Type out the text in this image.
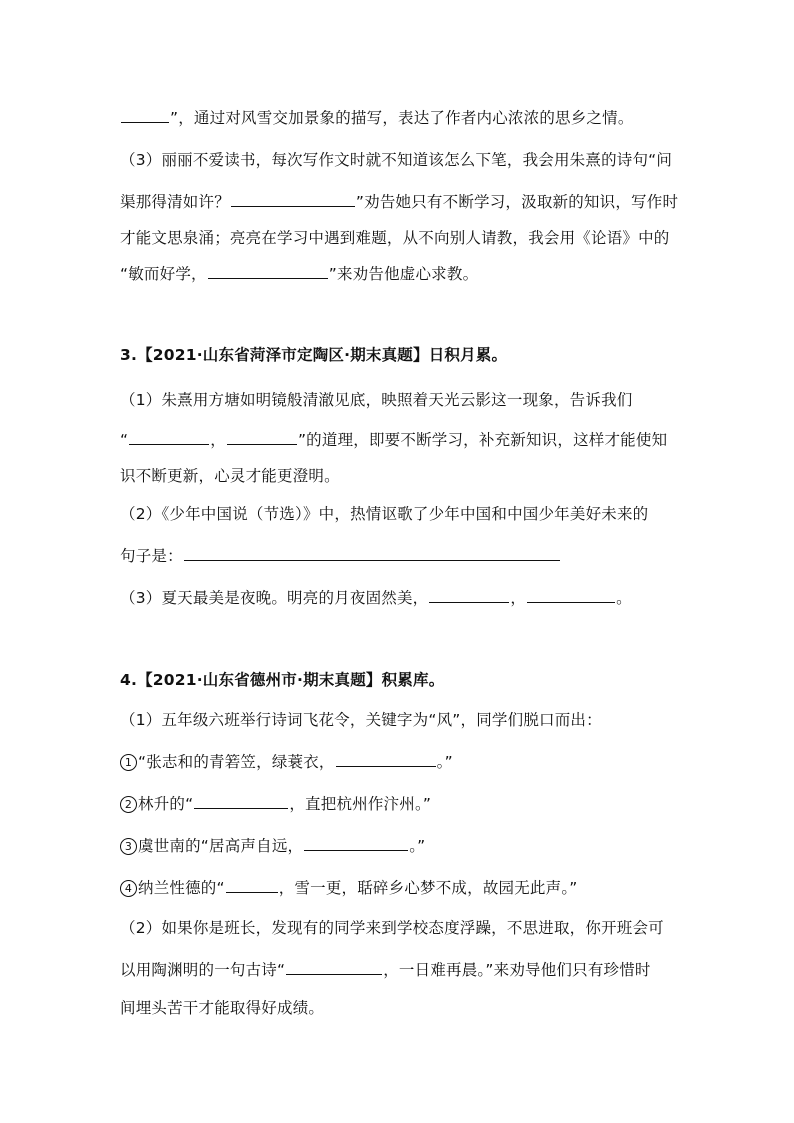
”，通过对风雪交加景象的描写，表达了作者内心浓浓的思乡之情。
（3）丽丽不爱读书，每次写作文时就不知道该怎么下笔，我会用朱熹的诗句“问
渠那得清如许？	”劝告她只有不断学习，汲取新的知识，写作时
才能文思泉涌；亮亮在学习中遇到难题，从不向别人请教，我会用《论语》中的
“敏而好学，	”来劝告他虚心求教。
3.【2021·山东省菏泽市定陶区·期末真题】日积月累。
（1）朱熹用方塘如明镜般清澈见底，映照着天光云影这一现象，告诉我们
“	，	”的道理，即要不断学习，补充新知识，这样才能使知
识不断更新，心灵才能更澄明。
（2）《少年中国说（节选）》中，热情讴歌了少年中国和中国少年美好未来的
句子是：
（3）夏天最美是夜晚。明亮的月夜固然美，	，	。
4.【2021·山东省德州市·期末真题】积累库。
（1）五年级六班举行诗词飞花令，关键字为“风”，同学们脱口而出：
1 “张志和的青箬笠，绿蓑衣，	。”
2 林升的“	，直把杭州作汴州。”
3 虞世南的“居高声自远，	。”
4 纳兰性德的“	，雪一更，聒碎乡心梦不成，故园无此声。”
（2）如果你是班长，发现有的同学来到学校态度浮躁，不思进取，你开班会可
以用陶渊明的一句古诗“	，一日难再晨。”来劝导他们只有珍惜时
间埋头苦干才能取得好成绩。
